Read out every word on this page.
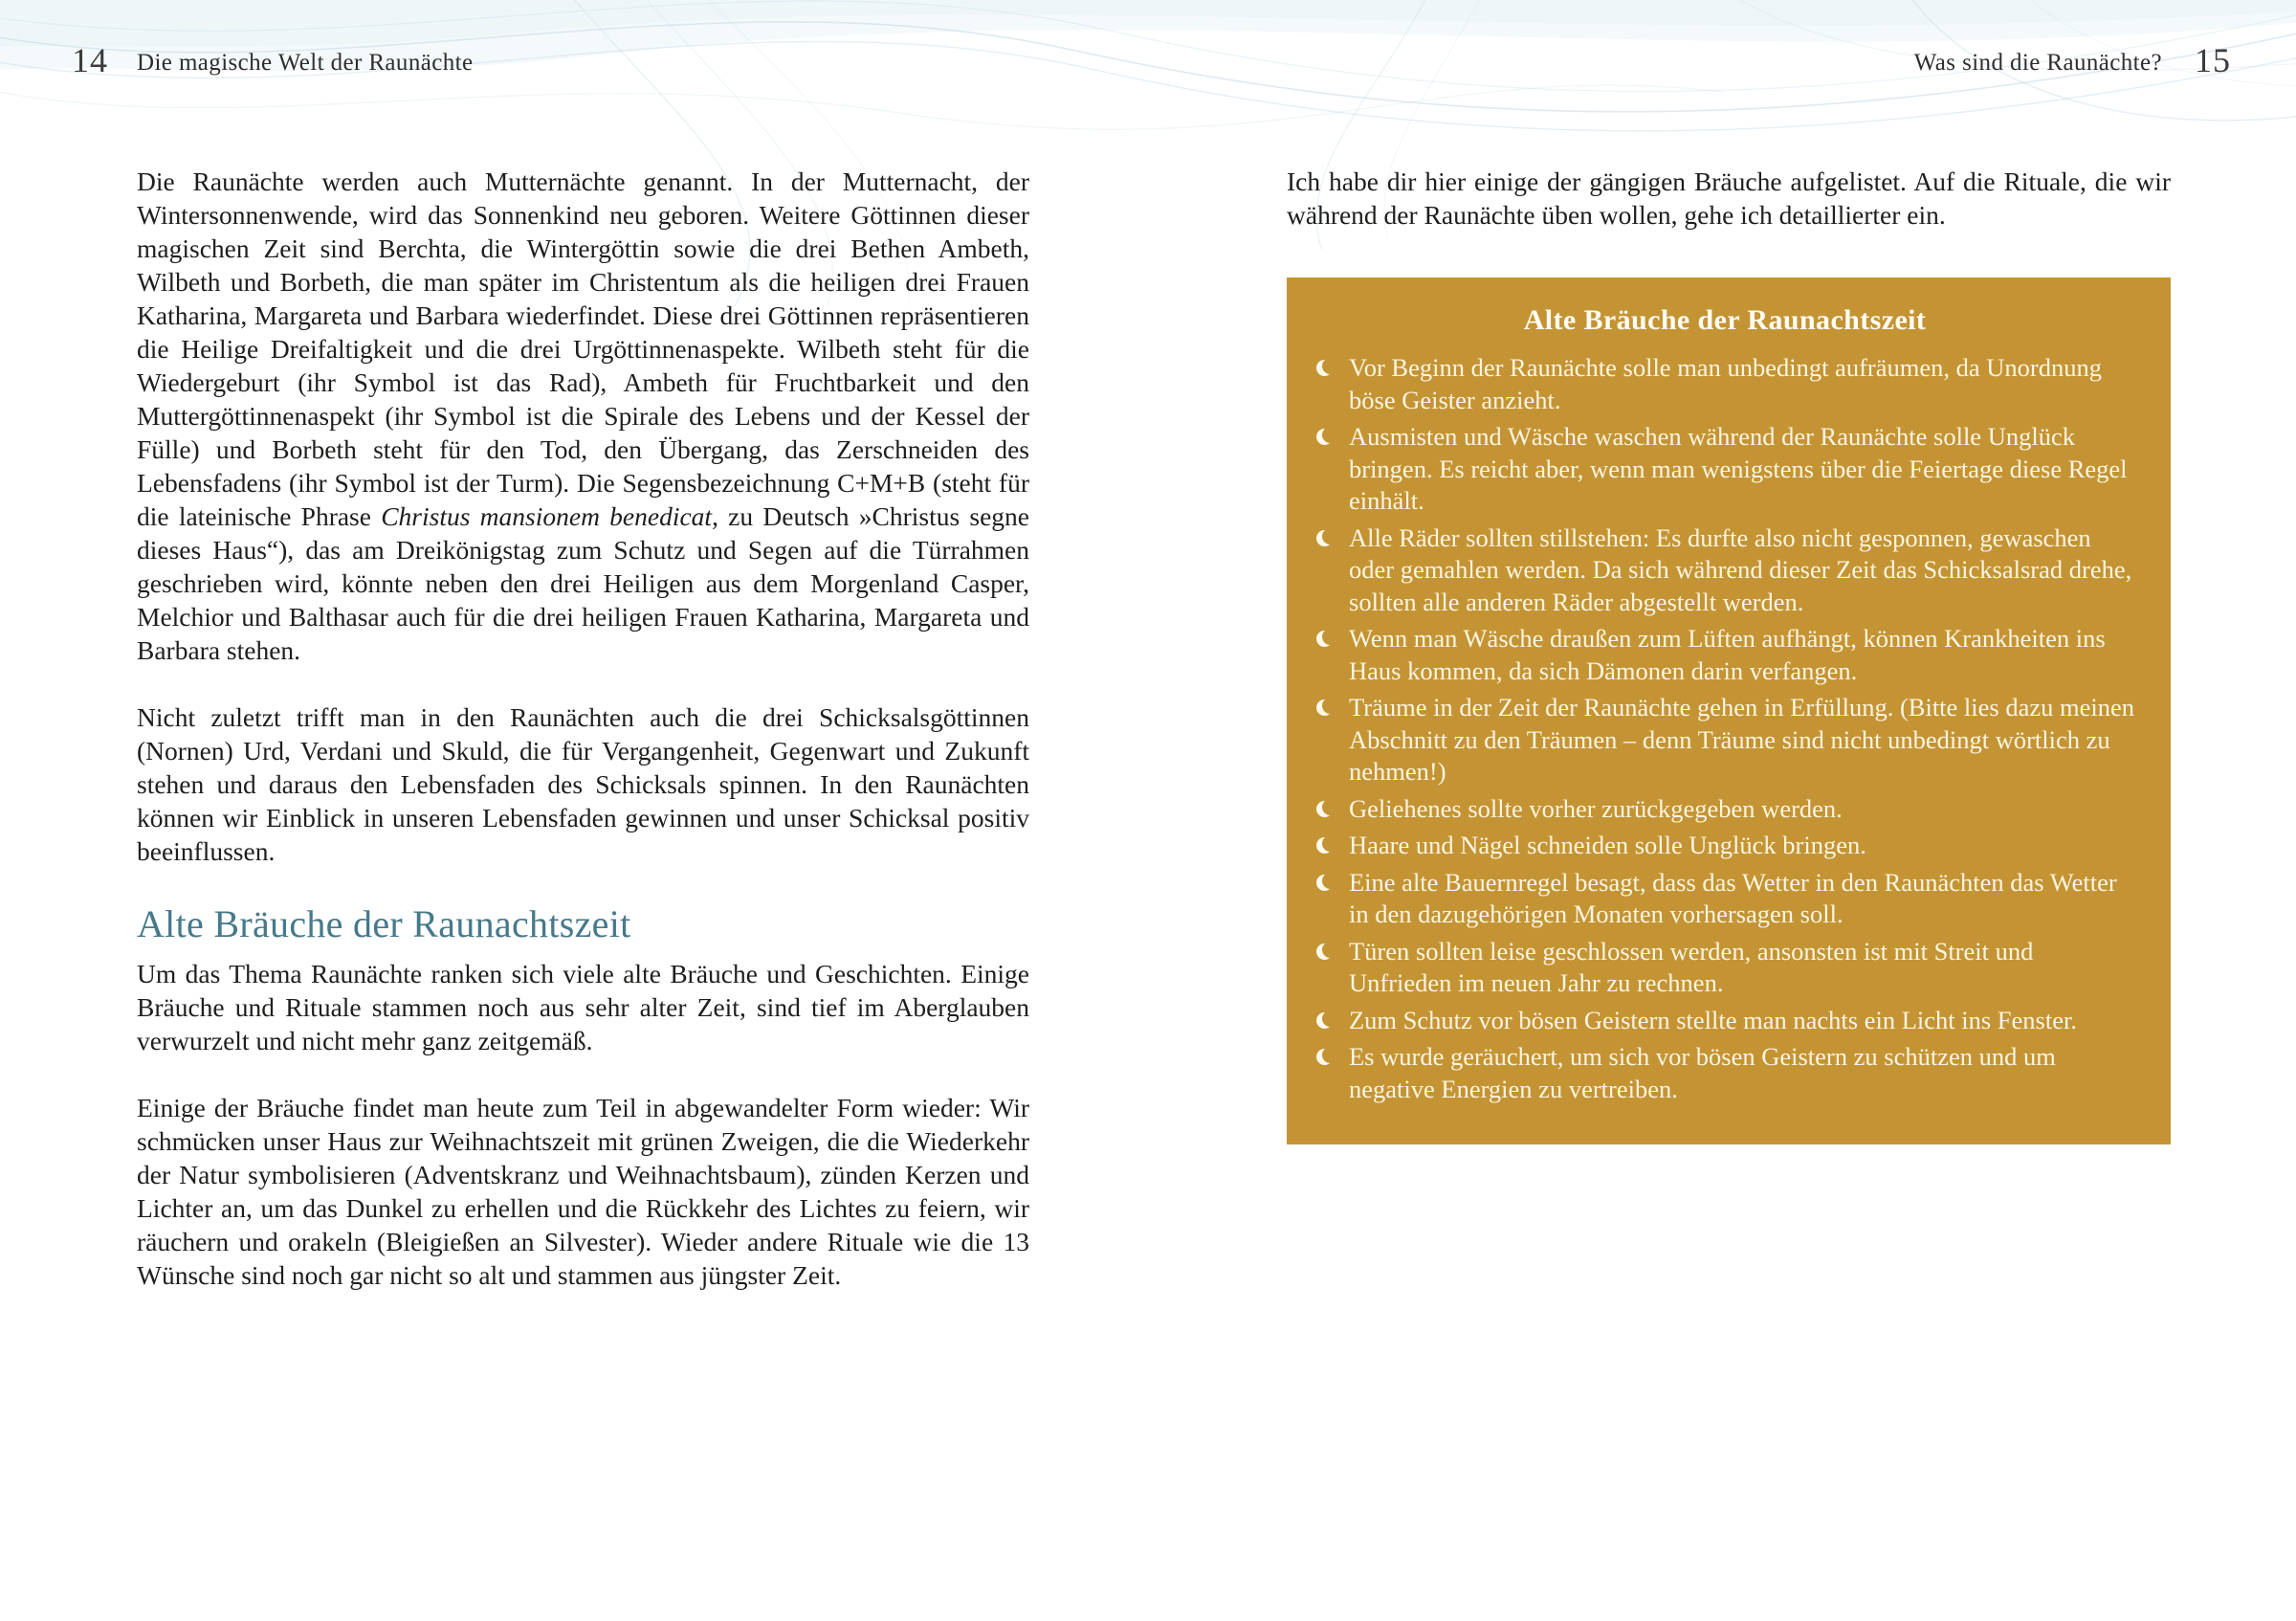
14 Die magische Welt der Raunächte	Was sind die Raunächte? 15

Die Raunächte werden auch Mutternächte genannt. In der Mutternacht, der Wintersonnenwende, wird das Sonnenkind neu geboren. Weitere Göttinnen dieser magischen Zeit sind Berchta, die Wintergöttin sowie die drei Bethen Ambeth, Wilbeth und Borbeth, die man später im Christentum als die heiligen drei Frauen Katharina, Margareta und Barbara wiederfindet. Diese drei Göttinnen repräsentieren die Heilige Dreifaltigkeit und die drei Urgöttinnenaspekte. Wilbeth steht für die Wiedergeburt (ihr Symbol ist das Rad), Ambeth für Fruchtbarkeit und den Muttergöttinnenaspekt (ihr Symbol ist die Spirale des Lebens und der Kessel der Fülle) und Borbeth steht für den Tod, den Übergang, das Zerschneiden des Lebensfadens (ihr Symbol ist der Turm). Die Segensbezeichnung C+M+B (steht für die lateinische Phrase Christus mansionem benedicat, zu Deutsch »Christus segne dieses Haus“), das am Dreikönigstag zum Schutz und Segen auf die Türrahmen geschrieben wird, könnte neben den drei Heiligen aus dem Morgenland Casper, Melchior und Balthasar auch für die drei heiligen Frauen Katharina, Margareta und Barbara stehen.

Nicht zuletzt trifft man in den Raunächten auch die drei Schicksalsgöttinnen (Nornen) Urd, Verdani und Skuld, die für Vergangenheit, Gegenwart und Zukunft stehen und daraus den Lebensfaden des Schicksals spinnen. In den Raunächten können wir Einblick in unseren Lebensfaden gewinnen und unser Schicksal positiv beeinflussen.

Alte Bräuche der Raunachtszeit

Um das Thema Raunächte ranken sich viele alte Bräuche und Geschichten. Einige Bräuche und Rituale stammen noch aus sehr alter Zeit, sind tief im Aberglauben verwurzelt und nicht mehr ganz zeitgemäß.

Einige der Bräuche findet man heute zum Teil in abgewandelter Form wieder: Wir schmücken unser Haus zur Weihnachtszeit mit grünen Zweigen, die die Wiederkehr der Natur symbolisieren (Adventskranz und Weihnachtsbaum), zünden Kerzen und Lichter an, um das Dunkel zu erhellen und die Rückkehr des Lichtes zu feiern, wir räuchern und orakeln (Bleigießen an Silvester). Wieder andere Rituale wie die 13 Wünsche sind noch gar nicht so alt und stammen aus jüngster Zeit.

Ich habe dir hier einige der gängigen Bräuche aufgelistet. Auf die Rituale, die wir während der Raunächte üben wollen, gehe ich detaillierter ein.

Alte Bräuche der Raunachtszeit
Vor Beginn der Raunächte solle man unbedingt aufräumen, da Unordnung böse Geister anzieht.
Ausmisten und Wäsche waschen während der Raunächte solle Unglück bringen. Es reicht aber, wenn man wenigstens über die Feiertage diese Regel einhält.
Alle Räder sollten stillstehen: Es durfte also nicht gesponnen, gewaschen oder gemahlen werden. Da sich während dieser Zeit das Schicksalsrad drehe, sollten alle anderen Räder abgestellt werden.
Wenn man Wäsche draußen zum Lüften aufhängt, können Krankheiten ins Haus kommen, da sich Dämonen darin verfangen.
Träume in der Zeit der Raunächte gehen in Erfüllung. (Bitte lies dazu meinen Abschnitt zu den Träumen – denn Träume sind nicht unbedingt wörtlich zu nehmen!)
Geliehenes sollte vorher zurückgegeben werden.
Haare und Nägel schneiden solle Unglück bringen.
Eine alte Bauernregel besagt, dass das Wetter in den Raunächten das Wetter in den dazugehörigen Monaten vorhersagen soll.
Türen sollten leise geschlossen werden, ansonsten ist mit Streit und Unfrieden im neuen Jahr zu rechnen.
Zum Schutz vor bösen Geistern stellte man nachts ein Licht ins Fenster.
Es wurde geräuchert, um sich vor bösen Geistern zu schützen und um negative Energien zu vertreiben.
